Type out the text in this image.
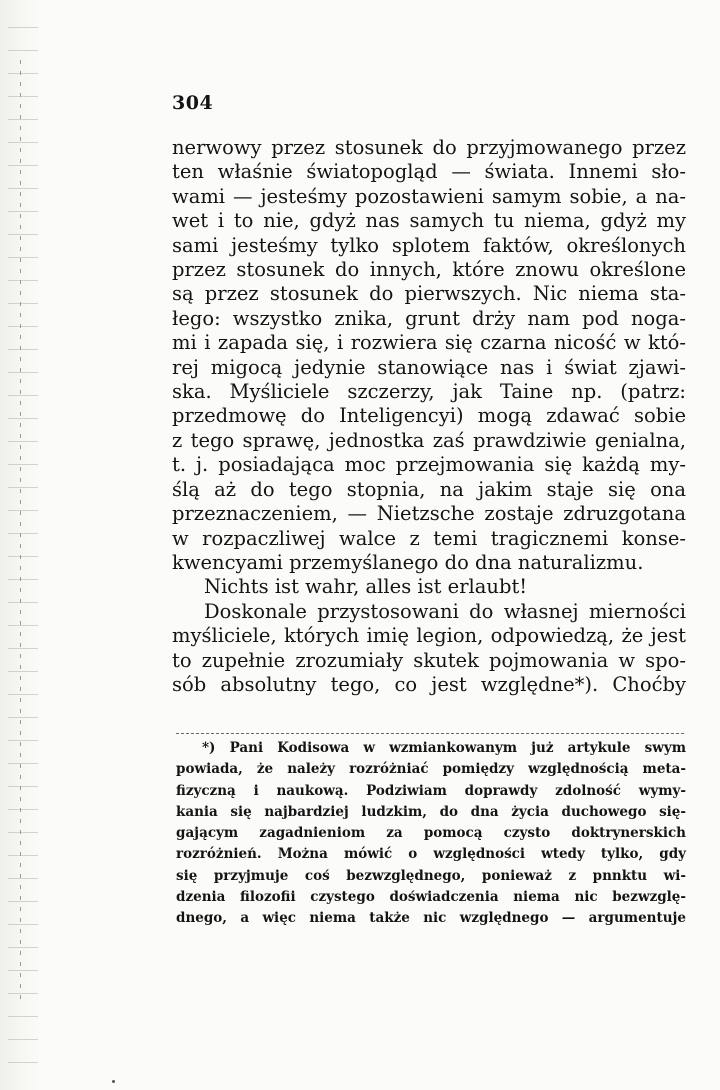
304
nerwowy przez stosunek do przyjmowanego przez
ten właśnie światopogląd — świata. Innemi sło-
wami — jesteśmy pozostawieni samym sobie, a na-
wet i to nie, gdyż nas samych tu niema, gdyż my
sami jesteśmy tylko splotem faktów, określonych
przez stosunek do innych, które znowu określone
są przez stosunek do pierwszych. Nic niema sta-
łego: wszystko znika, grunt drży nam pod noga-
mi i zapada się, i rozwiera się czarna nicość w któ-
rej migocą jedynie stanowiące nas i świat zjawi-
ska. Myśliciele szczerzy, jak Taine np. (patrz:
przedmowę do Inteligencyi) mogą zdawać sobie
z tego sprawę, jednostka zaś prawdziwie genialna,
t. j. posiadająca moc przejmowania się każdą my-
ślą aż do tego stopnia, na jakim staje się ona
przeznaczeniem, — Nietzsche zostaje zdruzgotana
w rozpaczliwej walce z temi tragicznemi konse-
kwencyami przemyślanego do dna naturalizmu.
Nichts ist wahr, alles ist erlaubt!
Doskonale przystosowani do własnej mierności
myśliciele, których imię legion, odpowiedzą, że jest
to zupełnie zrozumiały skutek pojmowania w spo-
sób absolutny tego, co jest względne*). Choćby
*) Pani Kodisowa w wzmiankowanym już artykule swym
powiada, że należy rozróżniać pomiędzy względnością meta-
fizyczną i naukową. Podziwiam doprawdy zdolność wymy-
kania się najbardziej ludzkim, do dna życia duchowego się-
gającym zagadnieniom za pomocą czysto doktrynerskich
rozróżnień. Można mówić o względności wtedy tylko, gdy
się przyjmuje coś bezwzględnego, ponieważ z pnnktu wi-
dzenia filozofii czystego doświadczenia niema nic bezwzglę-
dnego, a więc niema także nic względnego — argumentuje
